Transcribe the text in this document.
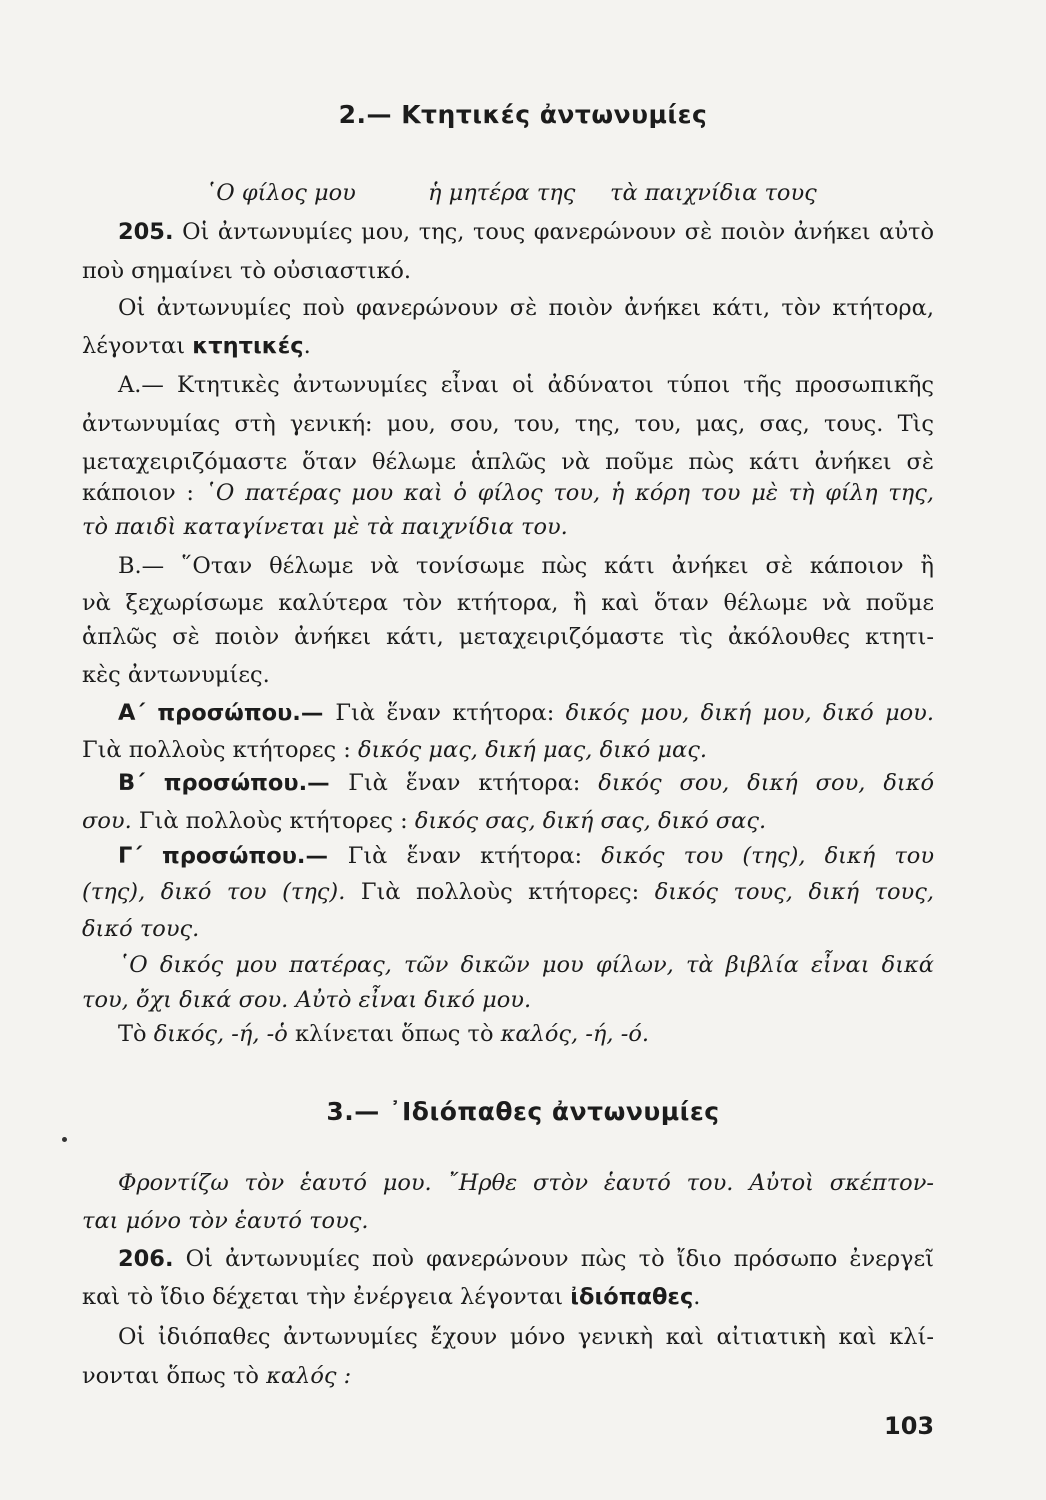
2.— Κτητικές ἀντωνυμίες
῾Ο φίλος μου	ἡ μητέρα της τὰ παιχνίδια τους
205. Οἱ ἀντωνυμίες μου, της, τους φανερώνουν σὲ ποιὸν ἀνήκει αὐτὸ
ποὺ σημαίνει τὸ οὐσιαστικό.
Οἱ ἀντωνυμίες ποὺ φανερώνουν σὲ ποιὸν ἀνήκει κάτι, τὸν κτήτορα,
λέγονται κτητικές.
Α.— Κτητικὲς ἀντωνυμίες εἶναι οἱ ἀδύνατοι τύποι τῆς προσωπικῆς
ἀντωνυμίας στὴ γενική: μου, σου, του, της, του, μας, σας, τους. Τὶς
μεταχειριζόμαστε ὅταν θέλωμε ἁπλῶς νὰ ποῦμε πὼς κάτι ἀνήκει σὲ
κάποιον : ῾Ο πατέρας μου καὶ ὁ φίλος του, ἡ κόρη του μὲ τὴ φίλη της,
τὸ παιδὶ καταγίνεται μὲ τὰ παιχνίδια του.
Β.— ῞Οταν θέλωμε νὰ τονίσωμε πὼς κάτι ἀνήκει σὲ κάποιον ἢ
νὰ ξεχωρίσωμε καλύτερα τὸν κτήτορα, ἢ καὶ ὅταν θέλωμε νὰ ποῦμε
ἁπλῶς σὲ ποιὸν ἀνήκει κάτι, μεταχειριζόμαστε τὶς ἀκόλουθες κτητι-
κὲς ἀντωνυμίες.
Α΄ προσώπου.— Γιὰ ἕναν κτήτορα: δικός μου, δική μου, δικό μου.
Γιὰ πολλοὺς κτήτορες : δικός μας, δική μας, δικό μας.
Β΄ προσώπου.— Γιὰ ἕναν κτήτορα: δικός σου, δική σου, δικό
σου. Γιὰ πολλοὺς κτήτορες : δικός σας, δική σας, δικό σας.
Γ΄ προσώπου.— Γιὰ ἕναν κτήτορα: δικός του (της), δική του
(της), δικό του (της). Γιὰ πολλοὺς κτήτορες: δικός τους, δική τους,
δικό τους.
῾Ο δικός μου πατέρας, τῶν δικῶν μου φίλων, τὰ βιβλία εἶναι δικά
του, ὄχι δικά σου. Αὐτὸ εἶναι δικό μου.
Τὸ δικός, -ή, -ὁ κλίνεται ὅπως τὸ καλός, -ή, -ό.
3.— ᾿Ιδιόπαθες ἀντωνυμίες
Φροντίζω τὸν ἑαυτό μου. ῎Ηρθε στὸν ἑαυτό του. Αὐτοὶ σκέπτον-
ται μόνο τὸν ἑαυτό τους.
206. Οἱ ἀντωνυμίες ποὺ φανερώνουν πὼς τὸ ἴδιο πρόσωπο ἐνεργεῖ
καὶ τὸ ἴδιο δέχεται τὴν ἐνέργεια λέγονται ἰδιόπαθες.
Οἱ ἰδιόπαθες ἀντωνυμίες ἔχουν μόνο γενικὴ καὶ αἰτιατικὴ καὶ κλί-
νονται ὅπως τὸ καλός :
103
